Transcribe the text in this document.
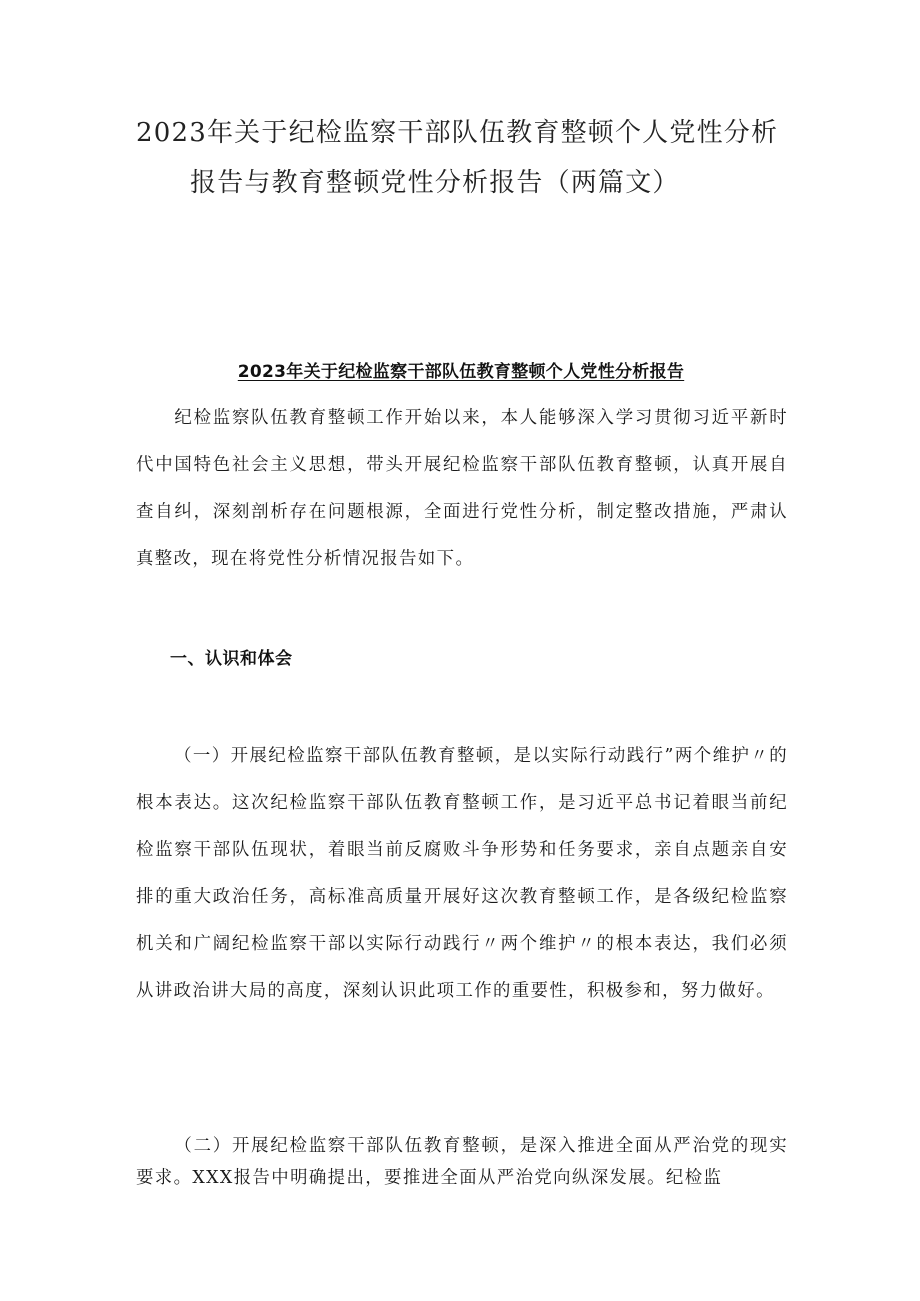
2023年关于纪检监察干部队伍教育整顿个人党性分析
报告与教育整顿党性分析报告（两篇文）
2023年关于纪检监察干部队伍教育整顿个人党性分析报告

纪检监察队伍教育整顿工作开始以来，本人能够深入学习贯彻习近平新时代中国特色社会主义思想，带头开展纪检监察干部队伍教育整顿，认真开展自查自纠，深刻剖析存在问题根源，全面进行党性分析，制定整改措施，严肃认真整改，现在将党性分析情况报告如下。

一、认识和体会

（一）开展纪检监察干部队伍教育整顿，是以实际行动践行”两个维护〃的根本表达。这次纪检监察干部队伍教育整顿工作，是习近平总书记着眼当前纪检监察干部队伍现状，着眼当前反腐败斗争形势和任务要求，亲自点题亲自安排的重大政治任务，高标准高质量开展好这次教育整顿工作，是各级纪检监察机关和广阔纪检监察干部以实际行动践行〃两个维护〃的根本表达，我们必须从讲政治讲大局的高度，深刻认识此项工作的重要性，积极参和，努力做好。

（二）开展纪检监察干部队伍教育整顿，是深入推进全面从严治党的现实要求。XXX报告中明确提出，要推进全面从严治党向纵深发展。纪检监
